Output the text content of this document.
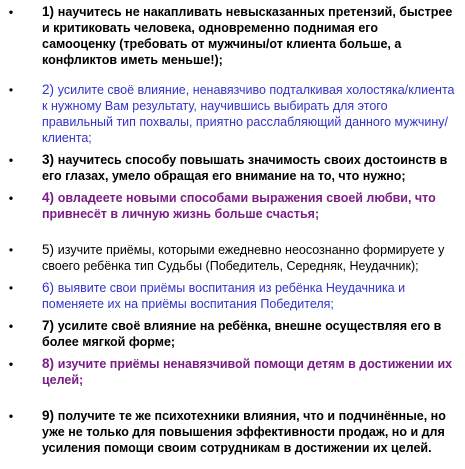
• 1) научитесь не накапливать невысказанных претензий, быстрее и критиковать человека, одновременно поднимая его самооценку (требовать от мужчины/от клиента больше, а конфликтов иметь меньше!);
• 2) усилите своё влияние, ненавязчиво подталкивая холостяка/клиента к нужному Вам результату, научившись выбирать для этого правильный тип похвалы, приятно расслабляющий данного мужчину/клиента;
• 3) научитесь способу повышать значимость своих достоинств в его глазах, умело обращая его внимание на то, что нужно;
• 4) овладеете новыми способами выражения своей любви, что привнесёт в личную жизнь больше счастья;
• 5) изучите приёмы, которыми ежедневно неосознанно формируете у своего ребёнка тип Судьбы (Победитель, Середняк, Неудачник);
• 6) выявите свои приёмы воспитания из ребёнка Неудачника и поменяете их на приёмы воспитания Победителя;
• 7) усилите своё влияние на ребёнка, внешне осуществляя его в более мягкой форме;
• 8) изучите приёмы ненавязчивой помощи детям в достижении их целей;
• 9) получите те же психотехники влияния, что и подчинённые, но уже не только для повышения эффективности продаж, но и для усиления помощи своим сотрудникам в достижении их целей.
